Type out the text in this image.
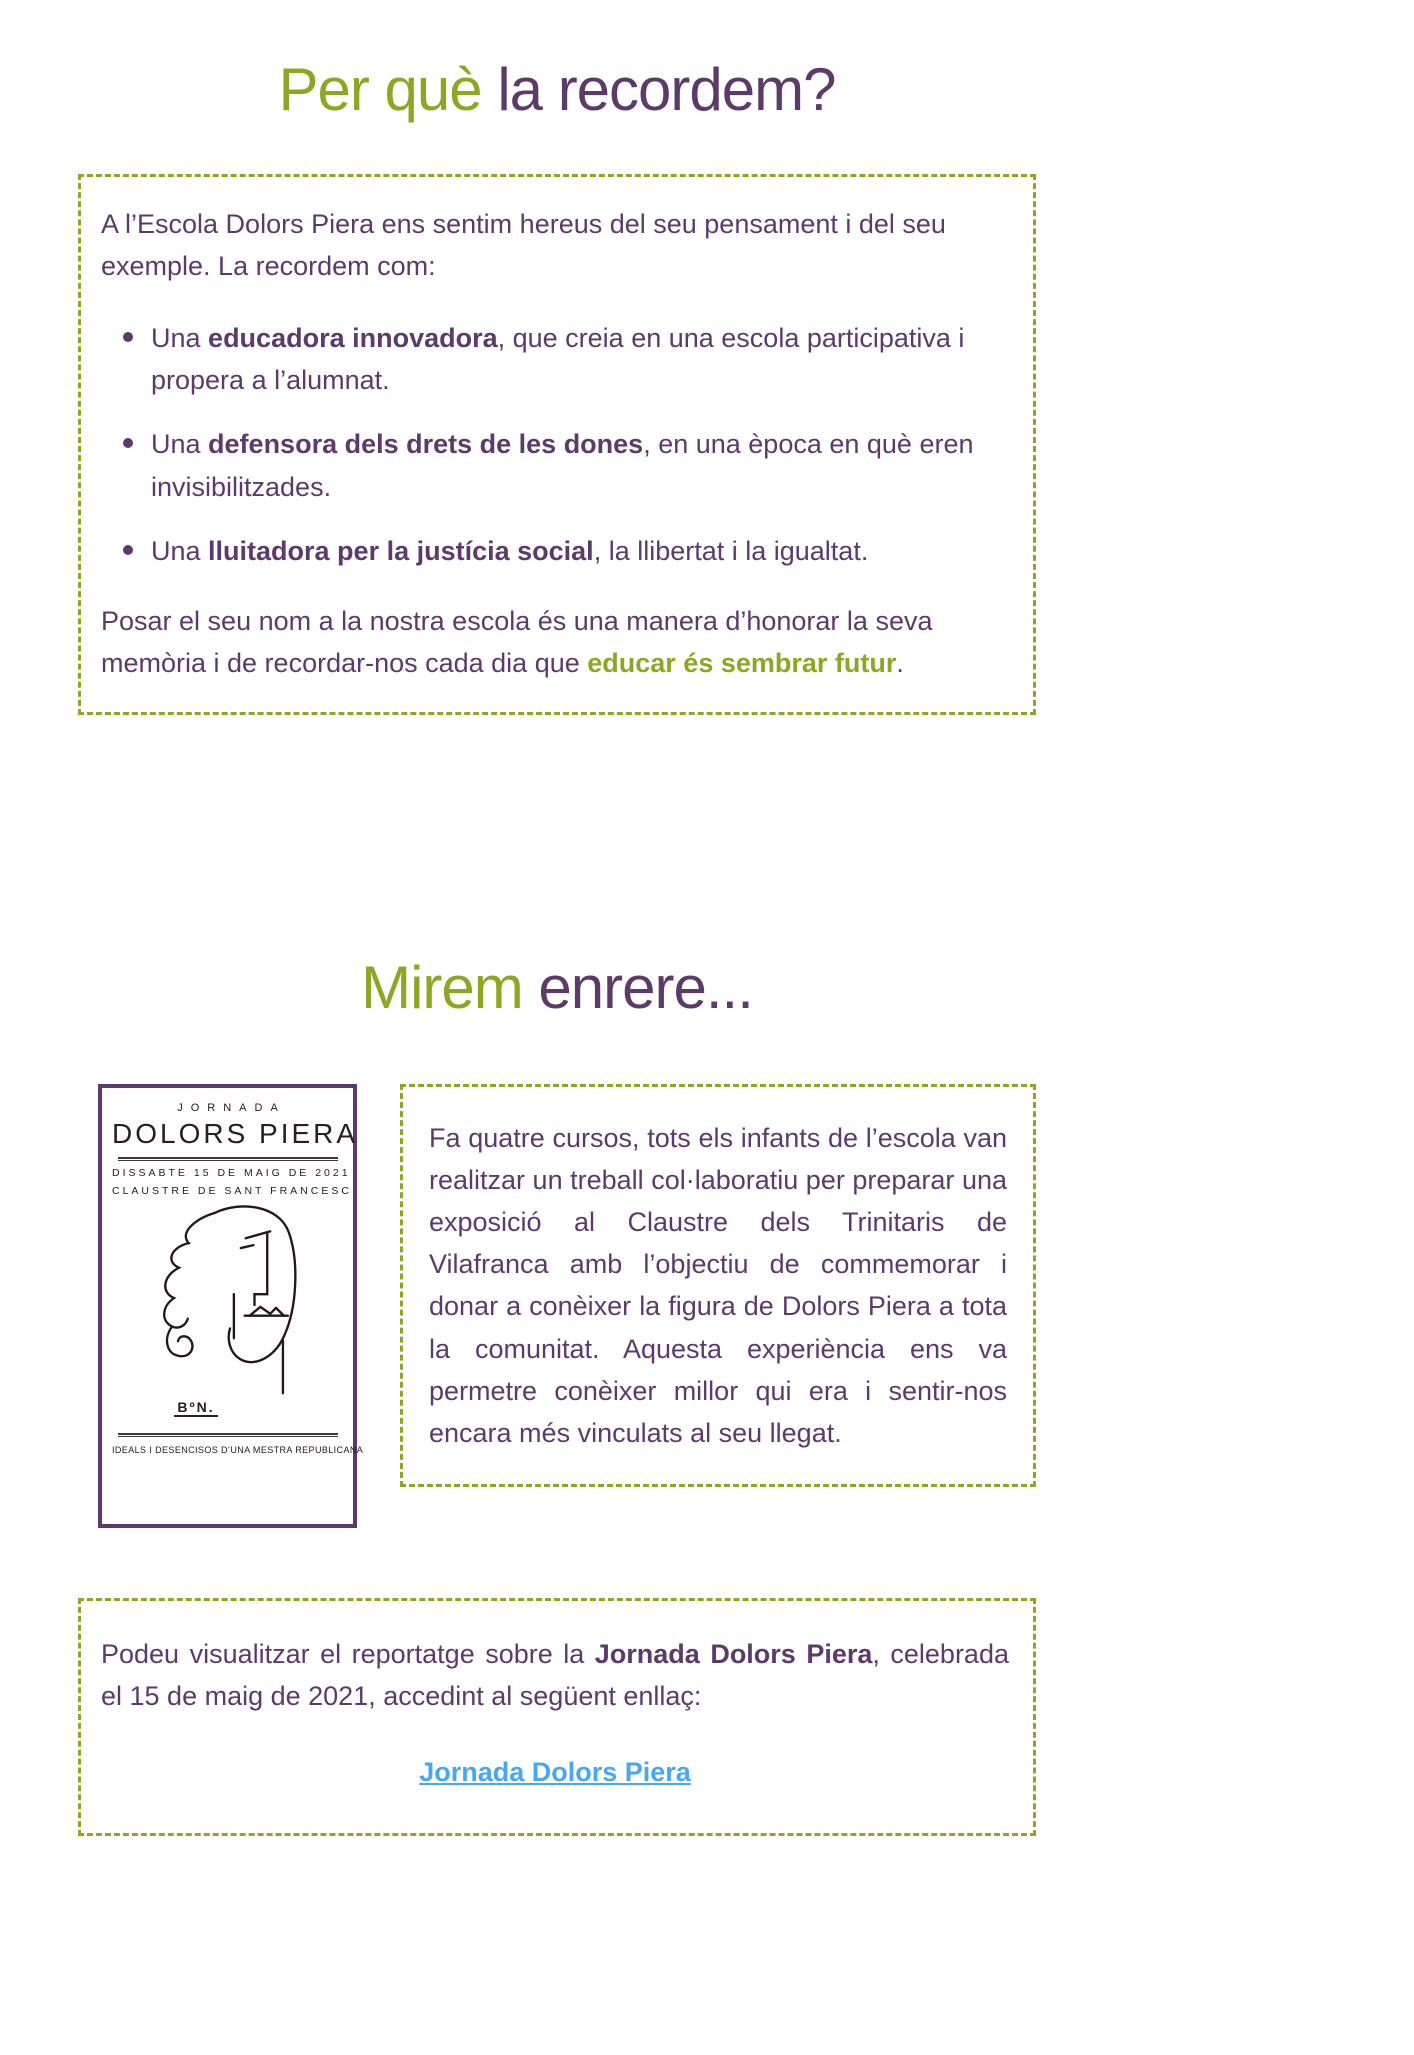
Per què la recordem?

A l’Escola Dolors Piera ens sentim hereus del seu pensament i del seu exemple. La recordem com:

Una educadora innovadora, que creia en una escola participativa i propera a l’alumnat.
Una defensora dels drets de les dones, en una època en què eren invisibilitzades.
Una lluitadora per la justícia social, la llibertat i la igualtat.

Posar el seu nom a la nostra escola és una manera d’honorar la seva memòria i de recordar-nos cada dia que educar és sembrar futur.

Mirem enrere...
JORNADA
DOLORS PIERA
DISSABTE 15 DE MAIG DE 2021
CLAUSTRE DE SANT FRANCESC
BºN.
IDEALS I DESENCISOS D’UNA MESTRA REPUBLICANA

Fa quatre cursos, tots els infants de l’escola van realitzar un treball col·laboratiu per preparar una exposició al Claustre dels Trinitaris de Vilafranca amb l’objectiu de commemorar i donar a conèixer la figura de Dolors Piera a tota la comunitat. Aquesta experiència ens va permetre conèixer millor qui era i sentir-nos encara més vinculats al seu llegat.

Podeu visualitzar el reportatge sobre la Jornada Dolors Piera, celebrada el 15 de maig de 2021, accedint al següent enllaç:

Jornada Dolors Piera
